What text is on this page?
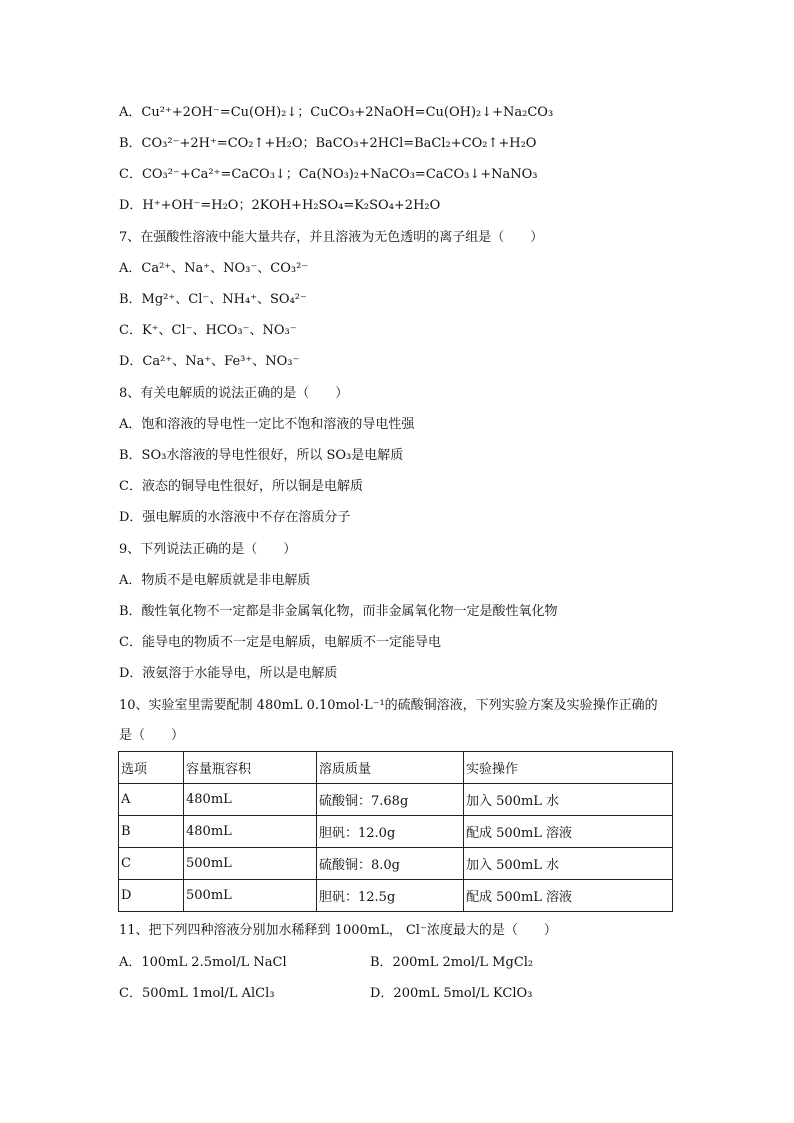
A．Cu²⁺+2OH⁻=Cu(OH)₂↓；CuCO₃+2NaOH=Cu(OH)₂↓+Na₂CO₃
B．CO₃²⁻+2H⁺=CO₂↑+H₂O；BaCO₃+2HCl=BaCl₂+CO₂↑+H₂O
C．CO₃²⁻+Ca²⁺=CaCO₃↓；Ca(NO₃)₂+NaCO₃=CaCO₃↓+NaNO₃
D．H⁺+OH⁻=H₂O；2KOH+H₂SO₄=K₂SO₄+2H₂O
7、在强酸性溶液中能大量共存，并且溶液为无色透明的离子组是（　　）
A．Ca²⁺、Na⁺、NO₃⁻、CO₃²⁻
B．Mg²⁺、Cl⁻、NH₄⁺、SO₄²⁻
C．K⁺、Cl⁻、HCO₃⁻、NO₃⁻
D．Ca²⁺、Na⁺、Fe³⁺、NO₃⁻
8、有关电解质的说法正确的是（　　）
A．饱和溶液的导电性一定比不饱和溶液的导电性强
B．SO₃水溶液的导电性很好，所以 SO₃是电解质
C．液态的铜导电性很好，所以铜是电解质
D．强电解质的水溶液中不存在溶质分子
9、下列说法正确的是（　　）
A．物质不是电解质就是非电解质
B．酸性氧化物不一定都是非金属氧化物，而非金属氧化物一定是酸性氧化物
C．能导电的物质不一定是电解质，电解质不一定能导电
D．液氨溶于水能导电，所以是电解质
10、实验室里需要配制 480mL 0.10mol·L⁻¹的硫酸铜溶液，下列实验方案及实验操作正确的
是（　　）
选项	容量瓶容积	溶质质量	实验操作
A	480mL	硫酸铜：7.68g	加入 500mL 水
B	480mL	胆矾：12.0g	配成 500mL 溶液
C	500mL	硫酸铜：8.0g	加入 500mL 水
D	500mL	胆矾：12.5g	配成 500mL 溶液
11、把下列四种溶液分别加水稀释到 1000mL， Cl⁻浓度最大的是（　　）
A．100mL 2.5mol/L NaCl	B．200mL 2mol/L MgCl₂
C．500mL 1mol/L AlCl₃	D．200mL 5mol/L KClO₃
